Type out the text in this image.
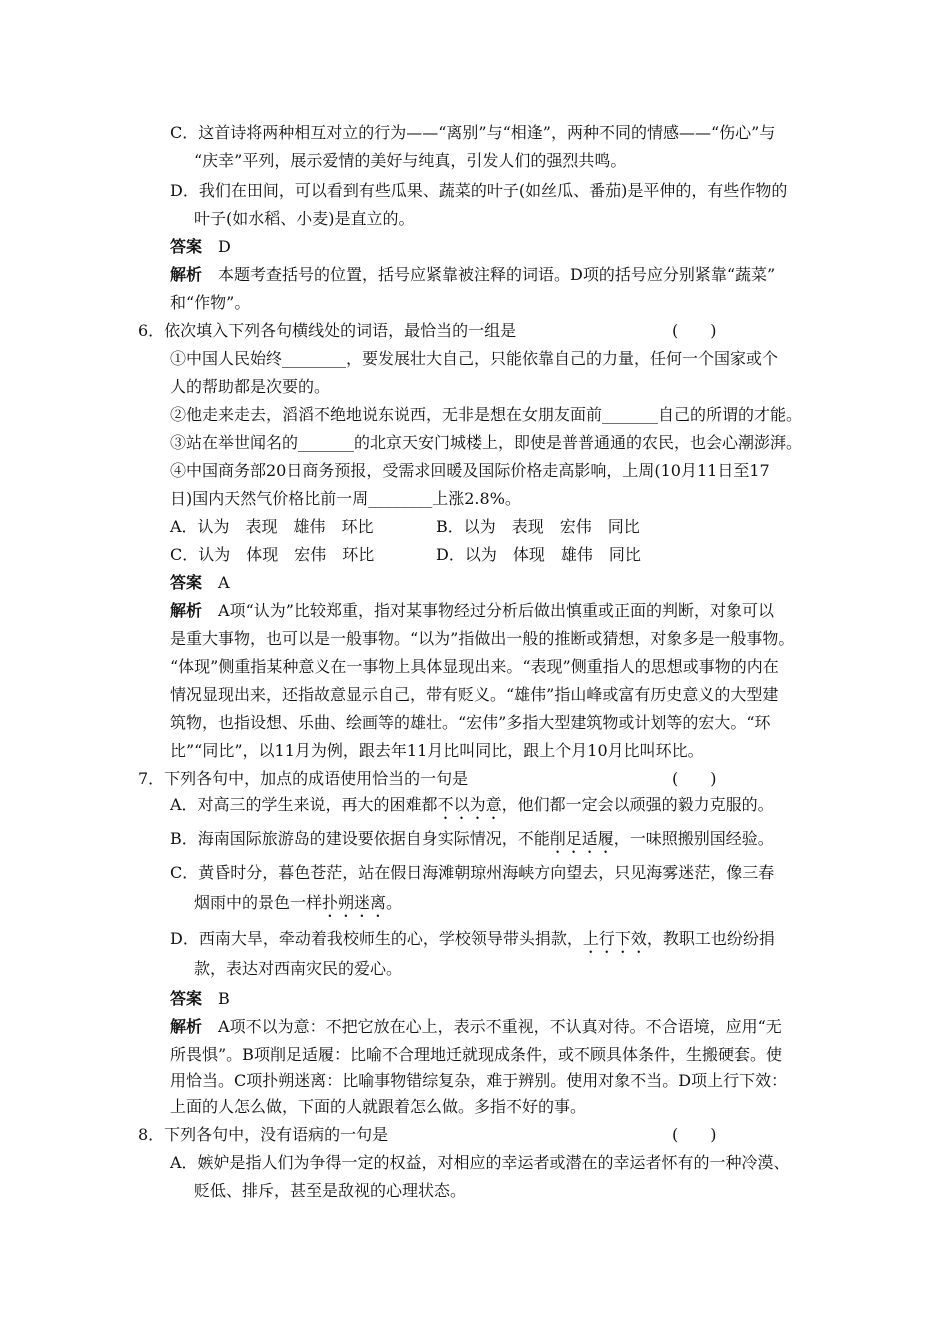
C．这首诗将两种相互对立的行为——“离别”与“相逢”，两种不同的情感——“伤心”与
“庆幸”平列，展示爱情的美好与纯真，引发人们的强烈共鸣。
D．我们在田间，可以看到有些瓜果、蔬菜的叶子(如丝瓜、番茄)是平伸的，有些作物的
叶子(如水稻、小麦)是直立的。
答案　 D
解析　 本题考查括号的位置，括号应紧靠被注释的词语。D项的括号应分别紧靠“蔬菜”
和“作物”。
6．依次填入下列各句横线处的词语，最恰当的一组是	(　　)
①中国人民始终________，要发展壮大自己，只能依靠自己的力量，任何一个国家或个
人的帮助都是次要的。
②他走来走去，滔滔不绝地说东说西，无非是想在女朋友面前_______自己的所谓的才能。
③站在举世闻名的_______的北京天安门城楼上，即使是普普通通的农民，也会心潮澎湃。
④中国商务部20日商务预报，受需求回暖及国际价格走高影响，上周(10月11日至17
日)国内天然气价格比前一周________上涨2.8%。
A．认为　表现　雄伟　环比	B．以为　表现　宏伟　同比
C．认为　体现　宏伟　环比	D．以为　体现　雄伟　同比
答案　 A
解析　 A项“认为”比较郑重，指对某事物经过分析后做出慎重或正面的判断，对象可以
是重大事物，也可以是一般事物。“以为”指做出一般的推断或猜想，对象多是一般事物。
“体现”侧重指某种意义在一事物上具体显现出来。“表现”侧重指人的思想或事物的内在
情况显现出来，还指故意显示自己，带有贬义。“雄伟”指山峰或富有历史意义的大型建
筑物，也指设想、乐曲、绘画等的雄壮。“宏伟”多指大型建筑物或计划等的宏大。“环
比”“同比”，以11月为例，跟去年11月比叫同比，跟上个月10月比叫环比。
7．下列各句中，加点的成语使用恰当的一句是	(　　)
A．对高三的学生来说，再大的困难都不以为意，他们都一定会以顽强的毅力克服的。
B．海南国际旅游岛的建设要依据自身实际情况，不能削足适履，一味照搬别国经验。
C．黄昏时分，暮色苍茫，站在假日海滩朝琼州海峡方向望去，只见海雾迷茫，像三春
烟雨中的景色一样扑朔迷离。
D．西南大旱，牵动着我校师生的心，学校领导带头捐款，上行下效，教职工也纷纷捐
款，表达对西南灾民的爱心。
答案　 B
解析　 A项不以为意：不把它放在心上，表示不重视，不认真对待。不合语境，应用“无
所畏惧”。B项削足适履：比喻不合理地迁就现成条件，或不顾具体条件，生搬硬套。使
用恰当。C项扑朔迷离：比喻事物错综复杂，难于辨别。使用对象不当。D项上行下效：
上面的人怎么做，下面的人就跟着怎么做。多指不好的事。
8．下列各句中，没有语病的一句是	(　　)
A．嫉妒是指人们为争得一定的权益，对相应的幸运者或潜在的幸运者怀有的一种冷漠、
贬低、排斥，甚至是敌视的心理状态。
